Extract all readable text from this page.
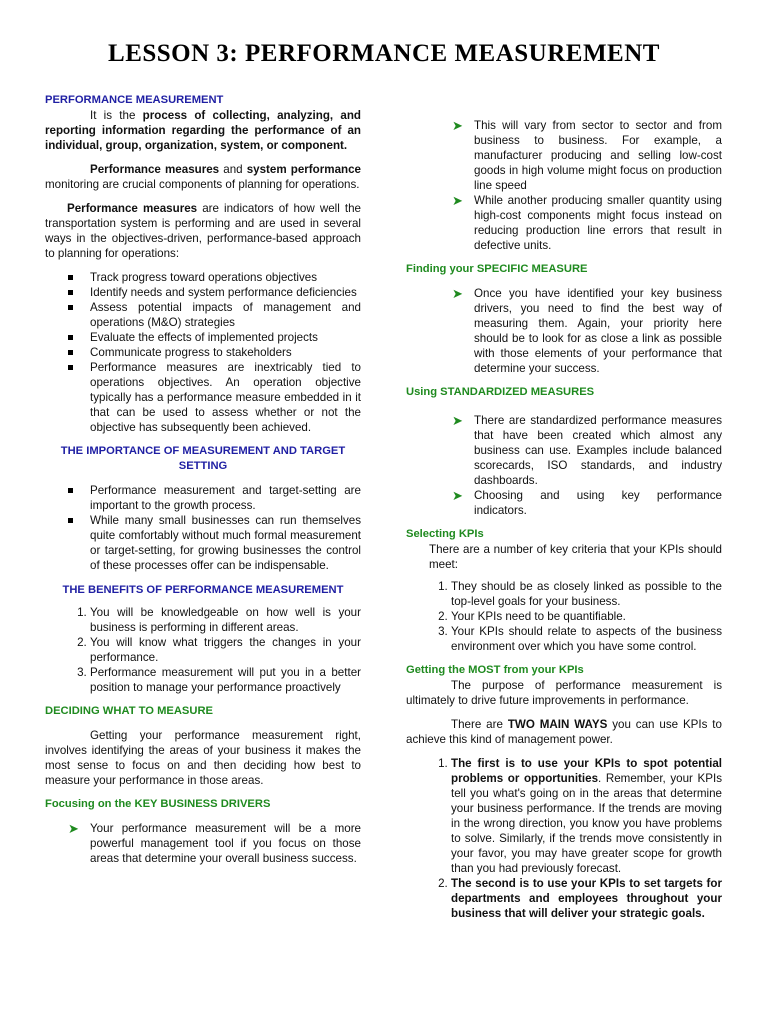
LESSON 3: PERFORMANCE MEASUREMENT
PERFORMANCE MEASUREMENT

It is the process of collecting, analyzing, and reporting information regarding the performance of an individual, group, organization, system, or component.

Performance measures and system performance monitoring are crucial components of planning for operations.

Performance measures are indicators of how well the transportation system is performing and are used in several ways in the objectives-driven, performance-based approach to planning for operations:

Track progress toward operations objectives
Identify needs and system performance deficiencies
Assess potential impacts of management and operations (M&O) strategies
Evaluate the effects of implemented projects
Communicate progress to stakeholders
Performance measures are inextricably tied to operations objectives. An operation objective typically has a performance measure embedded in it that can be used to assess whether or not the objective has subsequently been achieved.
THE IMPORTANCE OF MEASUREMENT AND TARGET SETTING
Performance measurement and target-setting are important to the growth process.
While many small businesses can run themselves quite comfortably without much formal measurement or target-setting, for growing businesses the control of these processes offer can be indispensable.
THE BENEFITS OF PERFORMANCE MEASUREMENT
1. You will be knowledgeable on how well is your business is performing in different areas.
2. You will know what triggers the changes in your performance.
3. Performance measurement will put you in a better position to manage your performance proactively
DECIDING WHAT TO MEASURE

Getting your performance measurement right, involves identifying the areas of your business it makes the most sense to focus on and then deciding how best to measure your performance in those areas.

Focusing on the KEY BUSINESS DRIVERS
➤ Your performance measurement will be a more powerful management tool if you focus on those areas that determine your overall business success.
➤ This will vary from sector to sector and from business to business. For example, a manufacturer producing and selling low-cost goods in high volume might focus on production line speed
➤ While another producing smaller quantity using high-cost components might focus instead on reducing production line errors that result in defective units.
Finding your SPECIFIC MEASURE
➤ Once you have identified your key business drivers, you need to find the best way of measuring them. Again, your priority here should be to look for as close a link as possible with those elements of your performance that determine your success.
Using STANDARDIZED MEASURES
➤ There are standardized performance measures that have been created which almost any business can use. Examples include balanced scorecards, ISO standards, and industry dashboards.
➤ Choosing and using key performance indicators.
Selecting KPIs

There are a number of key criteria that your KPIs should meet:

1. They should be as closely linked as possible to the top-level goals for your business.
2. Your KPIs need to be quantifiable.
3. Your KPIs should relate to aspects of the business environment over which you have some control.
Getting the MOST from your KPIs

The purpose of performance measurement is ultimately to drive future improvements in performance.

There are TWO MAIN WAYS you can use KPIs to achieve this kind of management power.

1. The first is to use your KPIs to spot potential problems or opportunities. Remember, your KPIs tell you what's going on in the areas that determine your business performance. If the trends are moving in the wrong direction, you know you have problems to solve. Similarly, if the trends move consistently in your favor, you may have greater scope for growth than you had previously forecast.
2. The second is to use your KPIs to set targets for departments and employees throughout your business that will deliver your strategic goals.
